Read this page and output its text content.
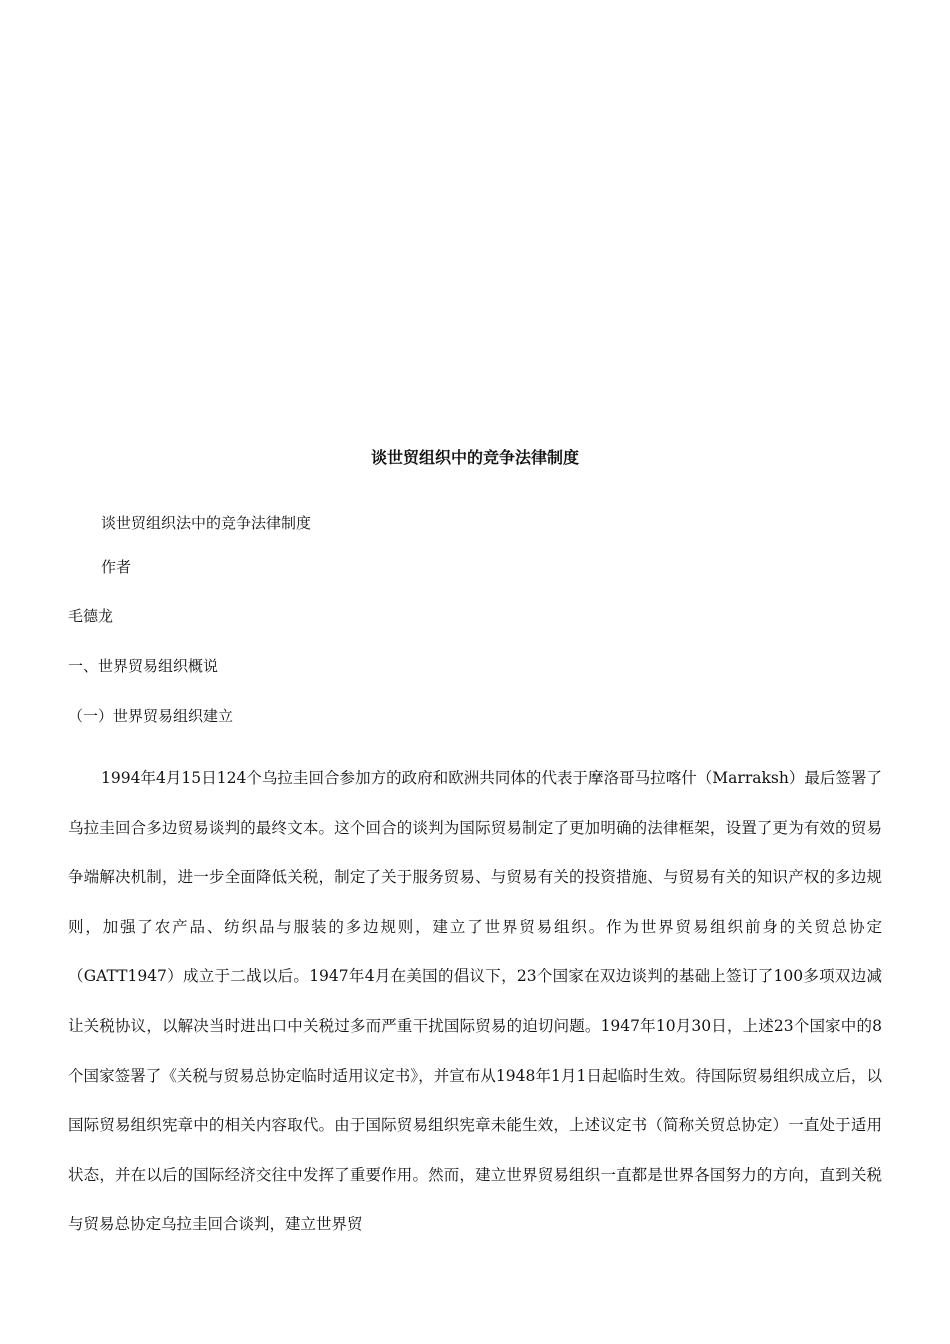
谈世贸组织中的竞争法律制度

谈世贸组织法中的竞争法律制度

作者

毛德龙

一、世界贸易组织概说

（一）世界贸易组织建立

1994年4月15日124个乌拉圭回合参加方的政府和欧洲共同体的代表于摩洛哥马拉喀什（Marraksh）最后签署了乌拉圭回合多边贸易谈判的最终文本。这个回合的谈判为国际贸易制定了更加明确的法律框架，设置了更为有效的贸易争端解决机制，进一步全面降低关税，制定了关于服务贸易、与贸易有关的投资措施、与贸易有关的知识产权的多边规则，加强了农产品、纺织品与服装的多边规则，建立了世界贸易组织。作为世界贸易组织前身的关贸总协定（GATT1947）成立于二战以后。1947年4月在美国的倡议下，23个国家在双边谈判的基础上签订了100多项双边减让关税协议，以解决当时进出口中关税过多而严重干扰国际贸易的迫切问题。1947年10月30日，上述23个国家中的8个国家签署了《关税与贸易总协定临时适用议定书》，并宣布从1948年1月1日起临时生效。待国际贸易组织成立后，以国际贸易组织宪章中的相关内容取代。由于国际贸易组织宪章未能生效，上述议定书（简称关贸总协定）一直处于适用状态，并在以后的国际经济交往中发挥了重要作用。然而，建立世界贸易组织一直都是世界各国努力的方向，直到关税与贸易总协定乌拉圭回合谈判，建立世界贸
